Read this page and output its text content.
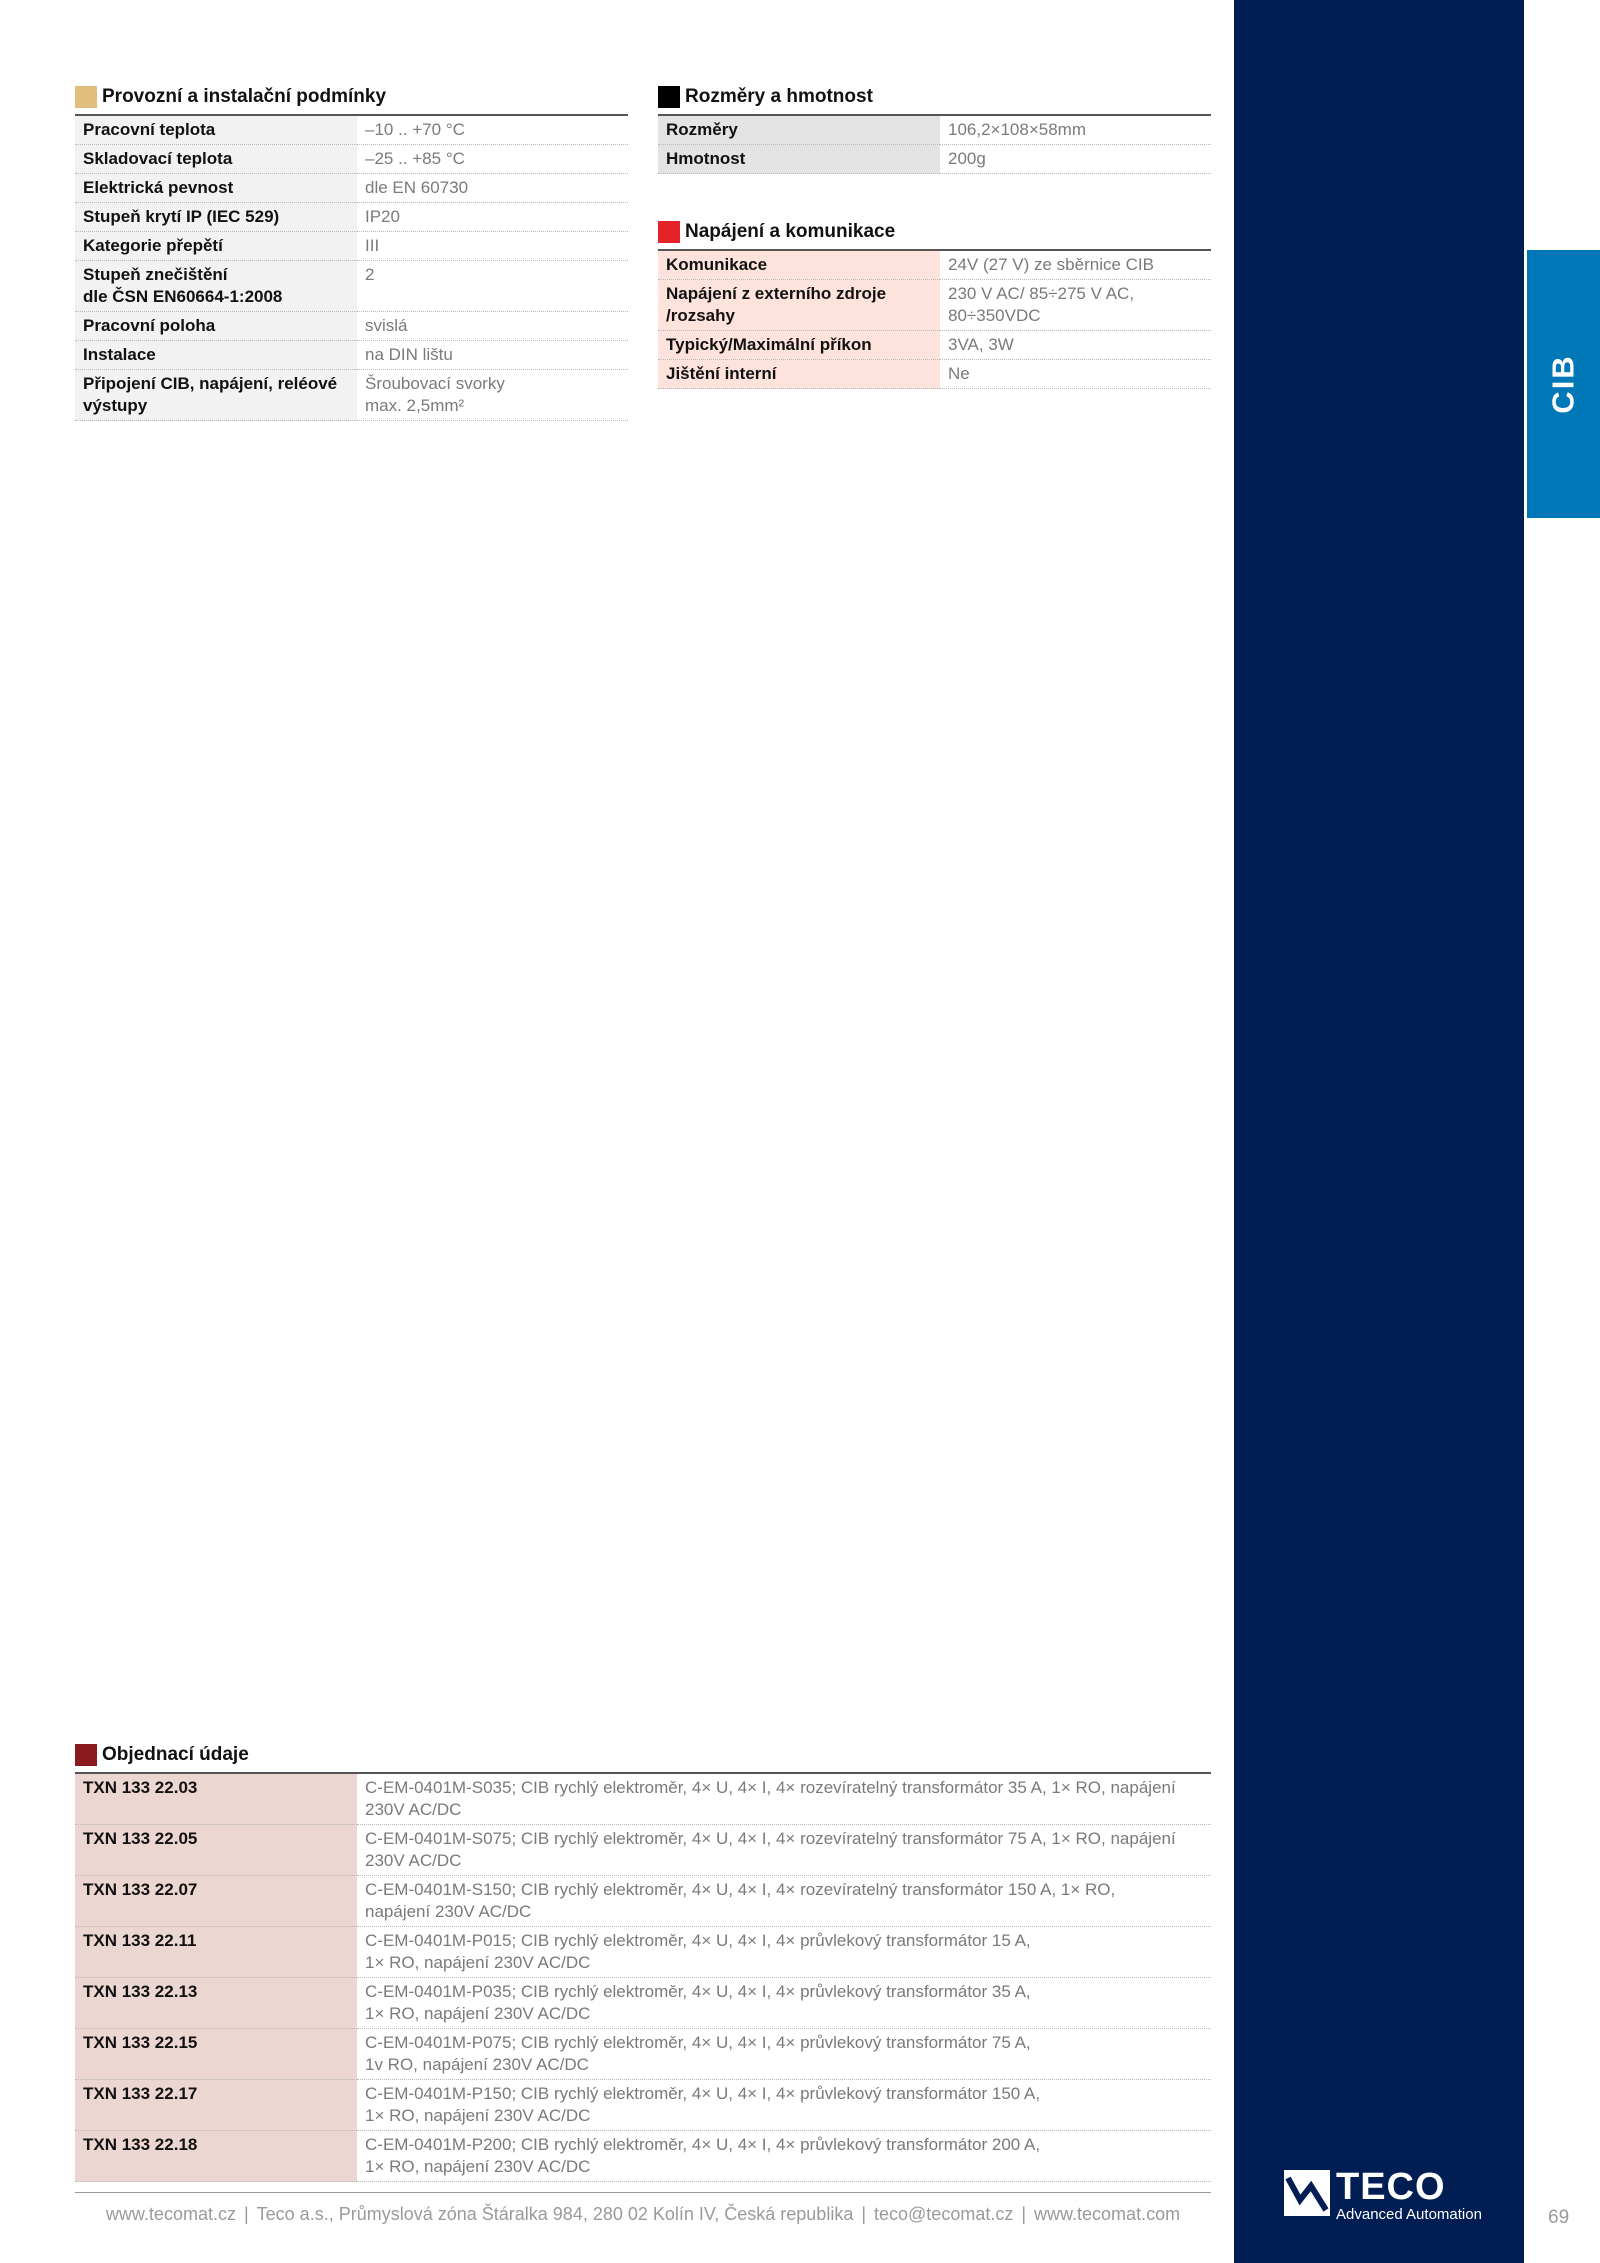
CIB
Provozní a instalační podmínky
Pracovní teplota	–10 .. +70 °C
Skladovací teplota	–25 .. +85 °C
Elektrická pevnost	dle EN 60730
Stupeň krytí IP (IEC 529)	IP20
Kategorie přepětí	III
Stupeň znečištění
dle ČSN EN60664-1:2008	2
Pracovní poloha	svislá
Instalace	na DIN lištu
Připojení CIB, napájení, reléové výstupy	Šroubovací svorky
max. 2,5mm²
Rozměry a hmotnost
Rozměry	106,2×108×58mm
Hmotnost	200g
Napájení a komunikace
Komunikace	24V (27 V) ze sběrnice CIB
Napájení z externího zdroje /rozsahy	230 V AC/ 85÷275 V AC,
80÷350VDC
Typický/Maximální příkon	3VA, 3W
Jištění interní	Ne
Objednací údaje
TXN 133 22.03	C-EM-0401M-S035; CIB rychlý elektroměr, 4× U, 4× I, 4× rozevíratelný transformátor 35 A, 1× RO, napájení
230V AC/DC
TXN 133 22.05	C-EM-0401M-S075; CIB rychlý elektroměr, 4× U, 4× I, 4× rozevíratelný transformátor 75 A, 1× RO, napájení
230V AC/DC
TXN 133 22.07	C-EM-0401M-S150; CIB rychlý elektroměr, 4× U, 4× I, 4× rozevíratelný transformátor 150 A, 1× RO,
napájení 230V AC/DC
TXN 133 22.11	C-EM-0401M-P015; CIB rychlý elektroměr, 4× U, 4× I, 4× průvlekový transformátor 15 A,
1× RO, napájení 230V AC/DC
TXN 133 22.13	C-EM-0401M-P035; CIB rychlý elektroměr, 4× U, 4× I, 4× průvlekový transformátor 35 A,
1× RO, napájení 230V AC/DC
TXN 133 22.15	C-EM-0401M-P075; CIB rychlý elektroměr, 4× U, 4× I, 4× průvlekový transformátor 75 A,
1v RO, napájení 230V AC/DC
TXN 133 22.17	C-EM-0401M-P150; CIB rychlý elektroměr, 4× U, 4× I, 4× průvlekový transformátor 150 A,
1× RO, napájení 230V AC/DC
TXN 133 22.18	C-EM-0401M-P200; CIB rychlý elektroměr, 4× U, 4× I, 4× průvlekový transformátor 200 A,
1× RO, napájení 230V AC/DC
www.tecomat.cz | Teco a.s., Průmyslová zóna Štáralka 984, 280 02 Kolín IV, Česká republika | teco@tecomat.cz | www.tecomat.com
TECO
Advanced Automation	69
